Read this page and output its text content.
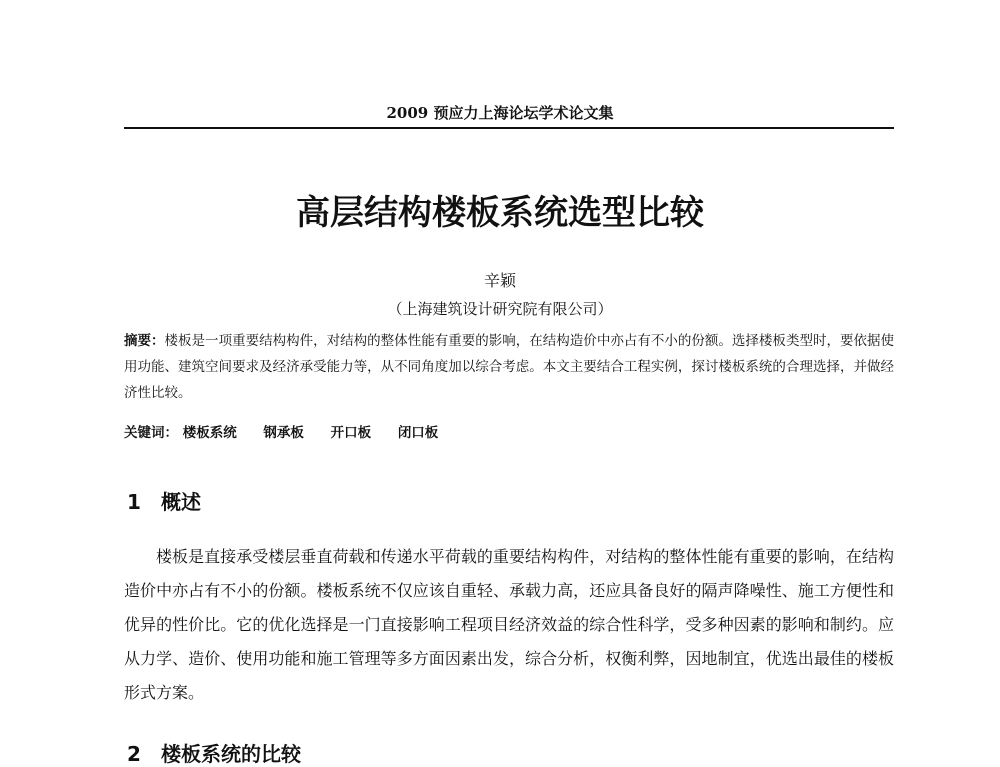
2009 预应力上海论坛学术论文集
高层结构楼板系统选型比较
辛颖
（上海建筑设计研究院有限公司）
摘要：楼板是一项重要结构构件，对结构的整体性能有重要的影响，在结构造价中亦占有不小的份额。选择楼板类型时，要依据使用功能、建筑空间要求及经济承受能力等，从不同角度加以综合考虑。本文主要结合工程实例，探讨楼板系统的合理选择，并做经济性比较。
关键词： 楼板系统 钢承板 开口板 闭口板
1 概述

楼板是直接承受楼层垂直荷载和传递水平荷载的重要结构构件，对结构的整体性能有重要的影响，在结构造价中亦占有不小的份额。楼板系统不仅应该自重轻、承载力高，还应具备良好的隔声降噪性、施工方便性和优异的性价比。它的优化选择是一门直接影响工程项目经济效益的综合性科学，受多种因素的影响和制约。应从力学、造价、使用功能和施工管理等多方面因素出发，综合分析，权衡利弊，因地制宜，优选出最佳的楼板形式方案。

2 楼板系统的比较
